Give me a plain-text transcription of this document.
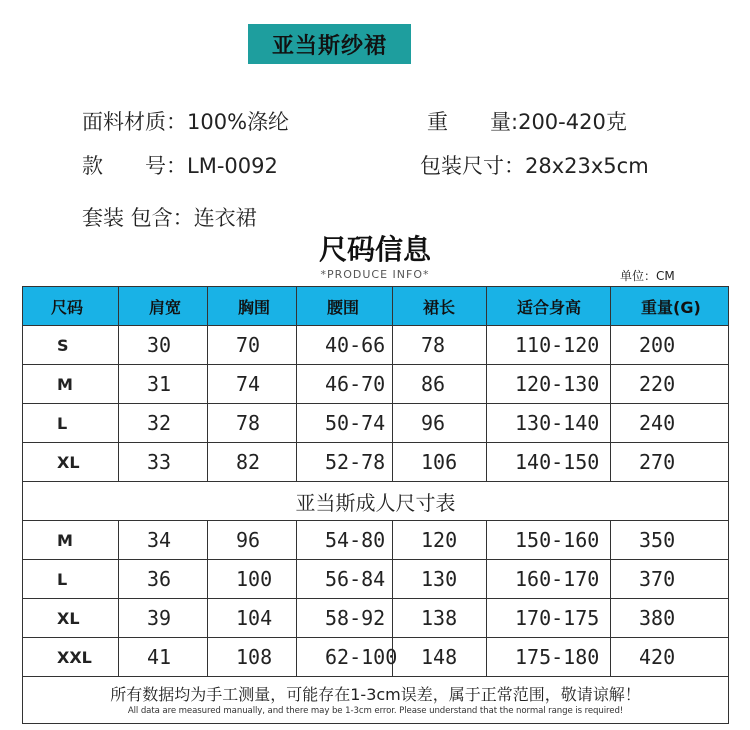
亚当斯纱裙
面料材质：100%涤纶	重　　量:200-420克
款　　号：LM-0092	包装尺寸：28x23x5cm
套装 包含：连衣裙
尺码信息
*PRODUCE INFO*	单位：CM
尺码	肩宽	胸围	腰围	裙长	适合身高	重量(G)
S	30	70	40-66	78	110-120	200
M	31	74	46-70	86	120-130	220
L	32	78	50-74	96	130-140	240
XL	33	82	52-78	106	140-150	270
亚当斯成人尺寸表						
M	34	96	54-80	120	150-160	350
L	36	100	56-84	130	160-170	370
XL	39	104	58-92	138	170-175	380
XXL	41	108	62-100	148	175-180	420

所有数据均为手工测量，可能存在1-3cm误差，属于正常范围，敬请谅解！
All data are measured manually, and there may be 1-3cm error. Please understand that the normal range is required!						
